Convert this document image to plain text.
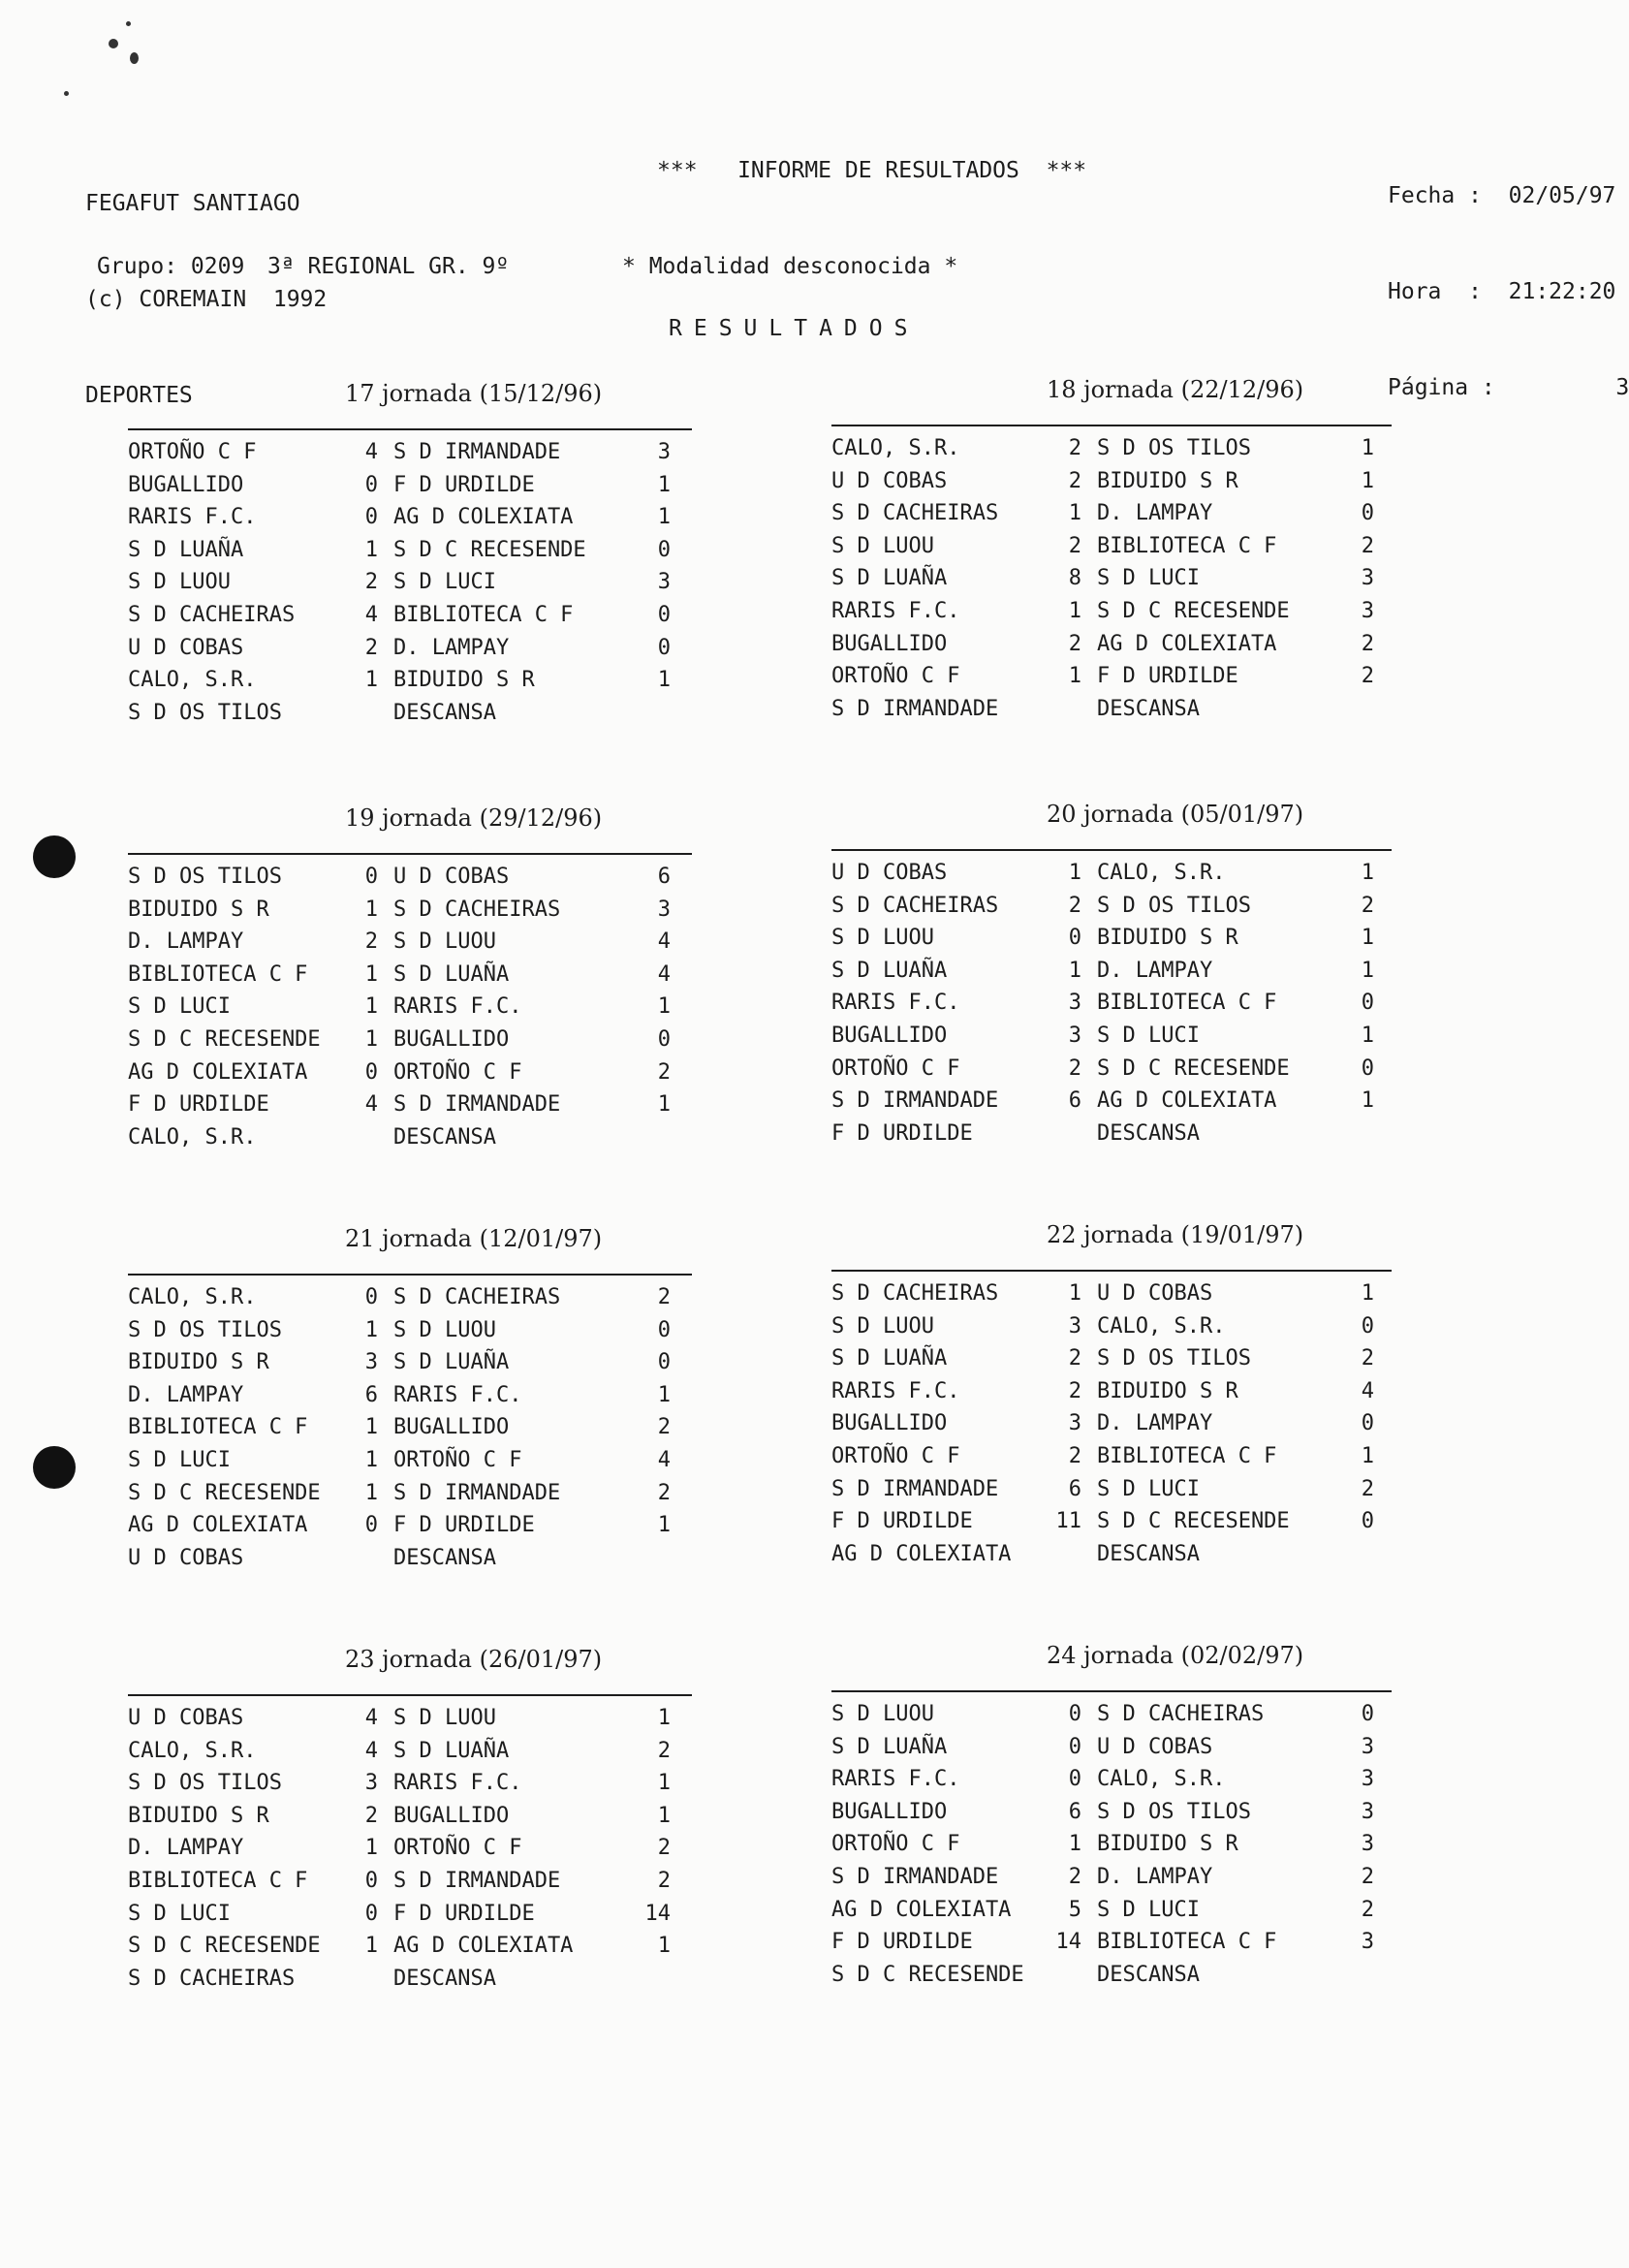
FEGAFUT SANTIAGO

(c) COREMAIN  1992

DEPORTES

***   INFORME DE RESULTADOS  ***

Fecha :  02/05/97

Hora  :  21:22:20

Página :         3

Grupo: 0209 3ª REGIONAL GR. 9º	* Modalidad desconocida *
RESULTADOS
17 jornada (15/12/96)
ORTOÑO C F	4 S D IRMANDADE	3
BUGALLIDO	0 F D URDILDE	1
RARIS F.C.	0 AG D COLEXIATA	1
S D LUAÑA	1 S D C RECESENDE	0
S D LUOU	2 S D LUCI	3
S D CACHEIRAS	4 BIBLIOTECA C F	0
U D COBAS	2 D. LAMPAY	0
CALO, S.R.	1 BIDUIDO S R	1
S D OS TILOS	DESCANSA
18 jornada (22/12/96)
CALO, S.R.	2 S D OS TILOS	1
U D COBAS	2 BIDUIDO S R	1
S D CACHEIRAS	1 D. LAMPAY	0
S D LUOU	2 BIBLIOTECA C F	2
S D LUAÑA	8 S D LUCI	3
RARIS F.C.	1 S D C RECESENDE	3
BUGALLIDO	2 AG D COLEXIATA	2
ORTOÑO C F	1 F D URDILDE	2
S D IRMANDADE	DESCANSA
19 jornada (29/12/96)
S D OS TILOS	0 U D COBAS	6
BIDUIDO S R	1 S D CACHEIRAS	3
D. LAMPAY	2 S D LUOU	4
BIBLIOTECA C F	1 S D LUAÑA	4
S D LUCI	1 RARIS F.C.	1
S D C RECESENDE	1 BUGALLIDO	0
AG D COLEXIATA	0 ORTOÑO C F	2
F D URDILDE	4 S D IRMANDADE	1
CALO, S.R.	DESCANSA
20 jornada (05/01/97)
U D COBAS	1 CALO, S.R.	1
S D CACHEIRAS	2 S D OS TILOS	2
S D LUOU	0 BIDUIDO S R	1
S D LUAÑA	1 D. LAMPAY	1
RARIS F.C.	3 BIBLIOTECA C F	0
BUGALLIDO	3 S D LUCI	1
ORTOÑO C F	2 S D C RECESENDE	0
S D IRMANDADE	6 AG D COLEXIATA	1
F D URDILDE	DESCANSA
21 jornada (12/01/97)
CALO, S.R.	0 S D CACHEIRAS	2
S D OS TILOS	1 S D LUOU	0
BIDUIDO S R	3 S D LUAÑA	0
D. LAMPAY	6 RARIS F.C.	1
BIBLIOTECA C F	1 BUGALLIDO	2
S D LUCI	1 ORTOÑO C F	4
S D C RECESENDE	1 S D IRMANDADE	2
AG D COLEXIATA	0 F D URDILDE	1
U D COBAS	DESCANSA
22 jornada (19/01/97)
S D CACHEIRAS	1 U D COBAS	1
S D LUOU	3 CALO, S.R.	0
S D LUAÑA	2 S D OS TILOS	2
RARIS F.C.	2 BIDUIDO S R	4
BUGALLIDO	3 D. LAMPAY	0
ORTOÑO C F	2 BIBLIOTECA C F	1
S D IRMANDADE	6 S D LUCI	2
F D URDILDE	11 S D C RECESENDE	0
AG D COLEXIATA	DESCANSA
23 jornada (26/01/97)
U D COBAS	4 S D LUOU	1
CALO, S.R.	4 S D LUAÑA	2
S D OS TILOS	3 RARIS F.C.	1
BIDUIDO S R	2 BUGALLIDO	1
D. LAMPAY	1 ORTOÑO C F	2
BIBLIOTECA C F	0 S D IRMANDADE	2
S D LUCI	0 F D URDILDE	14
S D C RECESENDE	1 AG D COLEXIATA	1
S D CACHEIRAS	DESCANSA
24 jornada (02/02/97)
S D LUOU	0 S D CACHEIRAS	0
S D LUAÑA	0 U D COBAS	3
RARIS F.C.	0 CALO, S.R.	3
BUGALLIDO	6 S D OS TILOS	3
ORTOÑO C F	1 BIDUIDO S R	3
S D IRMANDADE	2 D. LAMPAY	2
AG D COLEXIATA	5 S D LUCI	2
F D URDILDE	14 BIBLIOTECA C F	3
S D C RECESENDE	DESCANSA
